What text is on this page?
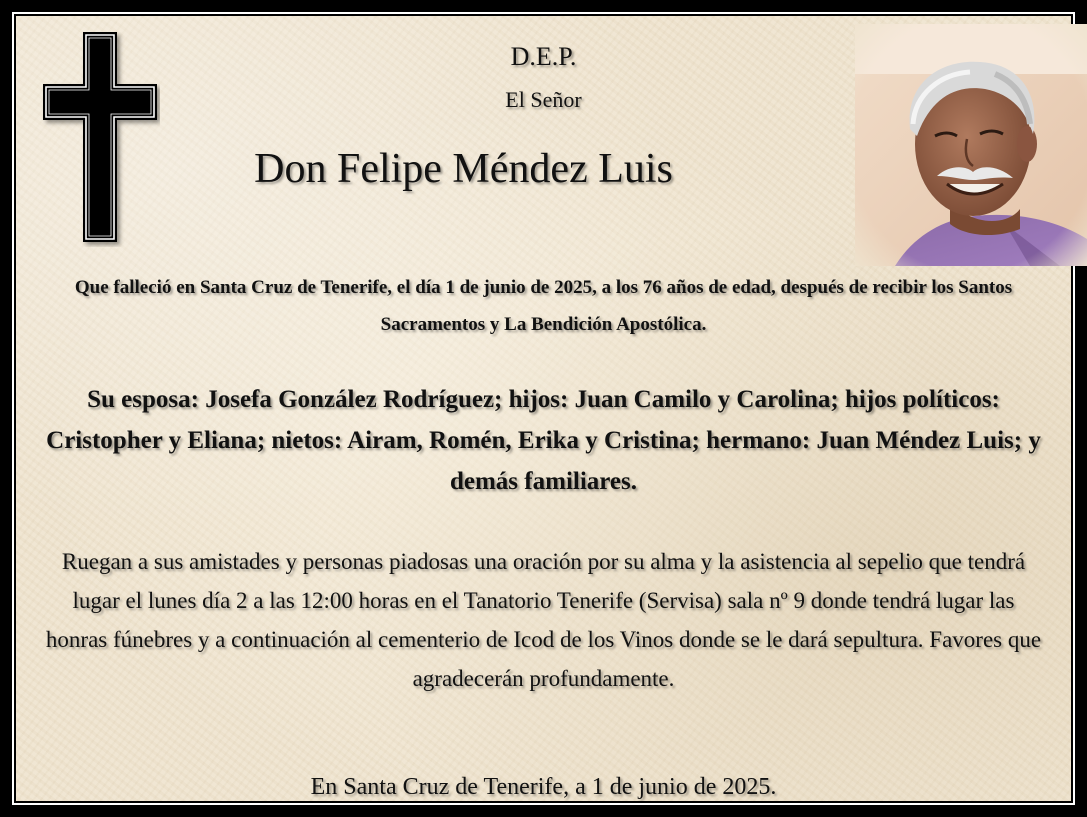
D.E.P.
El Señor
Don Felipe Méndez Luis
Que falleció en Santa Cruz de Tenerife, el día 1 de junio de 2025, a los 76 años de edad, después de recibir los Santos Sacramentos y La Bendición Apostólica.
Su esposa: Josefa González Rodríguez; hijos: Juan Camilo y Carolina; hijos políticos: Cristopher y Eliana; nietos: Airam, Romén, Erika y Cristina; hermano: Juan Méndez Luis; y demás familiares.
Ruegan a sus amistades y personas piadosas una oración por su alma y la asistencia al sepelio que tendrá lugar el lunes día 2 a las 12:00 horas en el Tanatorio Tenerife (Servisa) sala nº 9 donde tendrá lugar las honras fúnebres y a continuación al cementerio de Icod de los Vinos donde se le dará sepultura. Favores que agradecerán profundamente.
En Santa Cruz de Tenerife, a 1 de junio de 2025.
